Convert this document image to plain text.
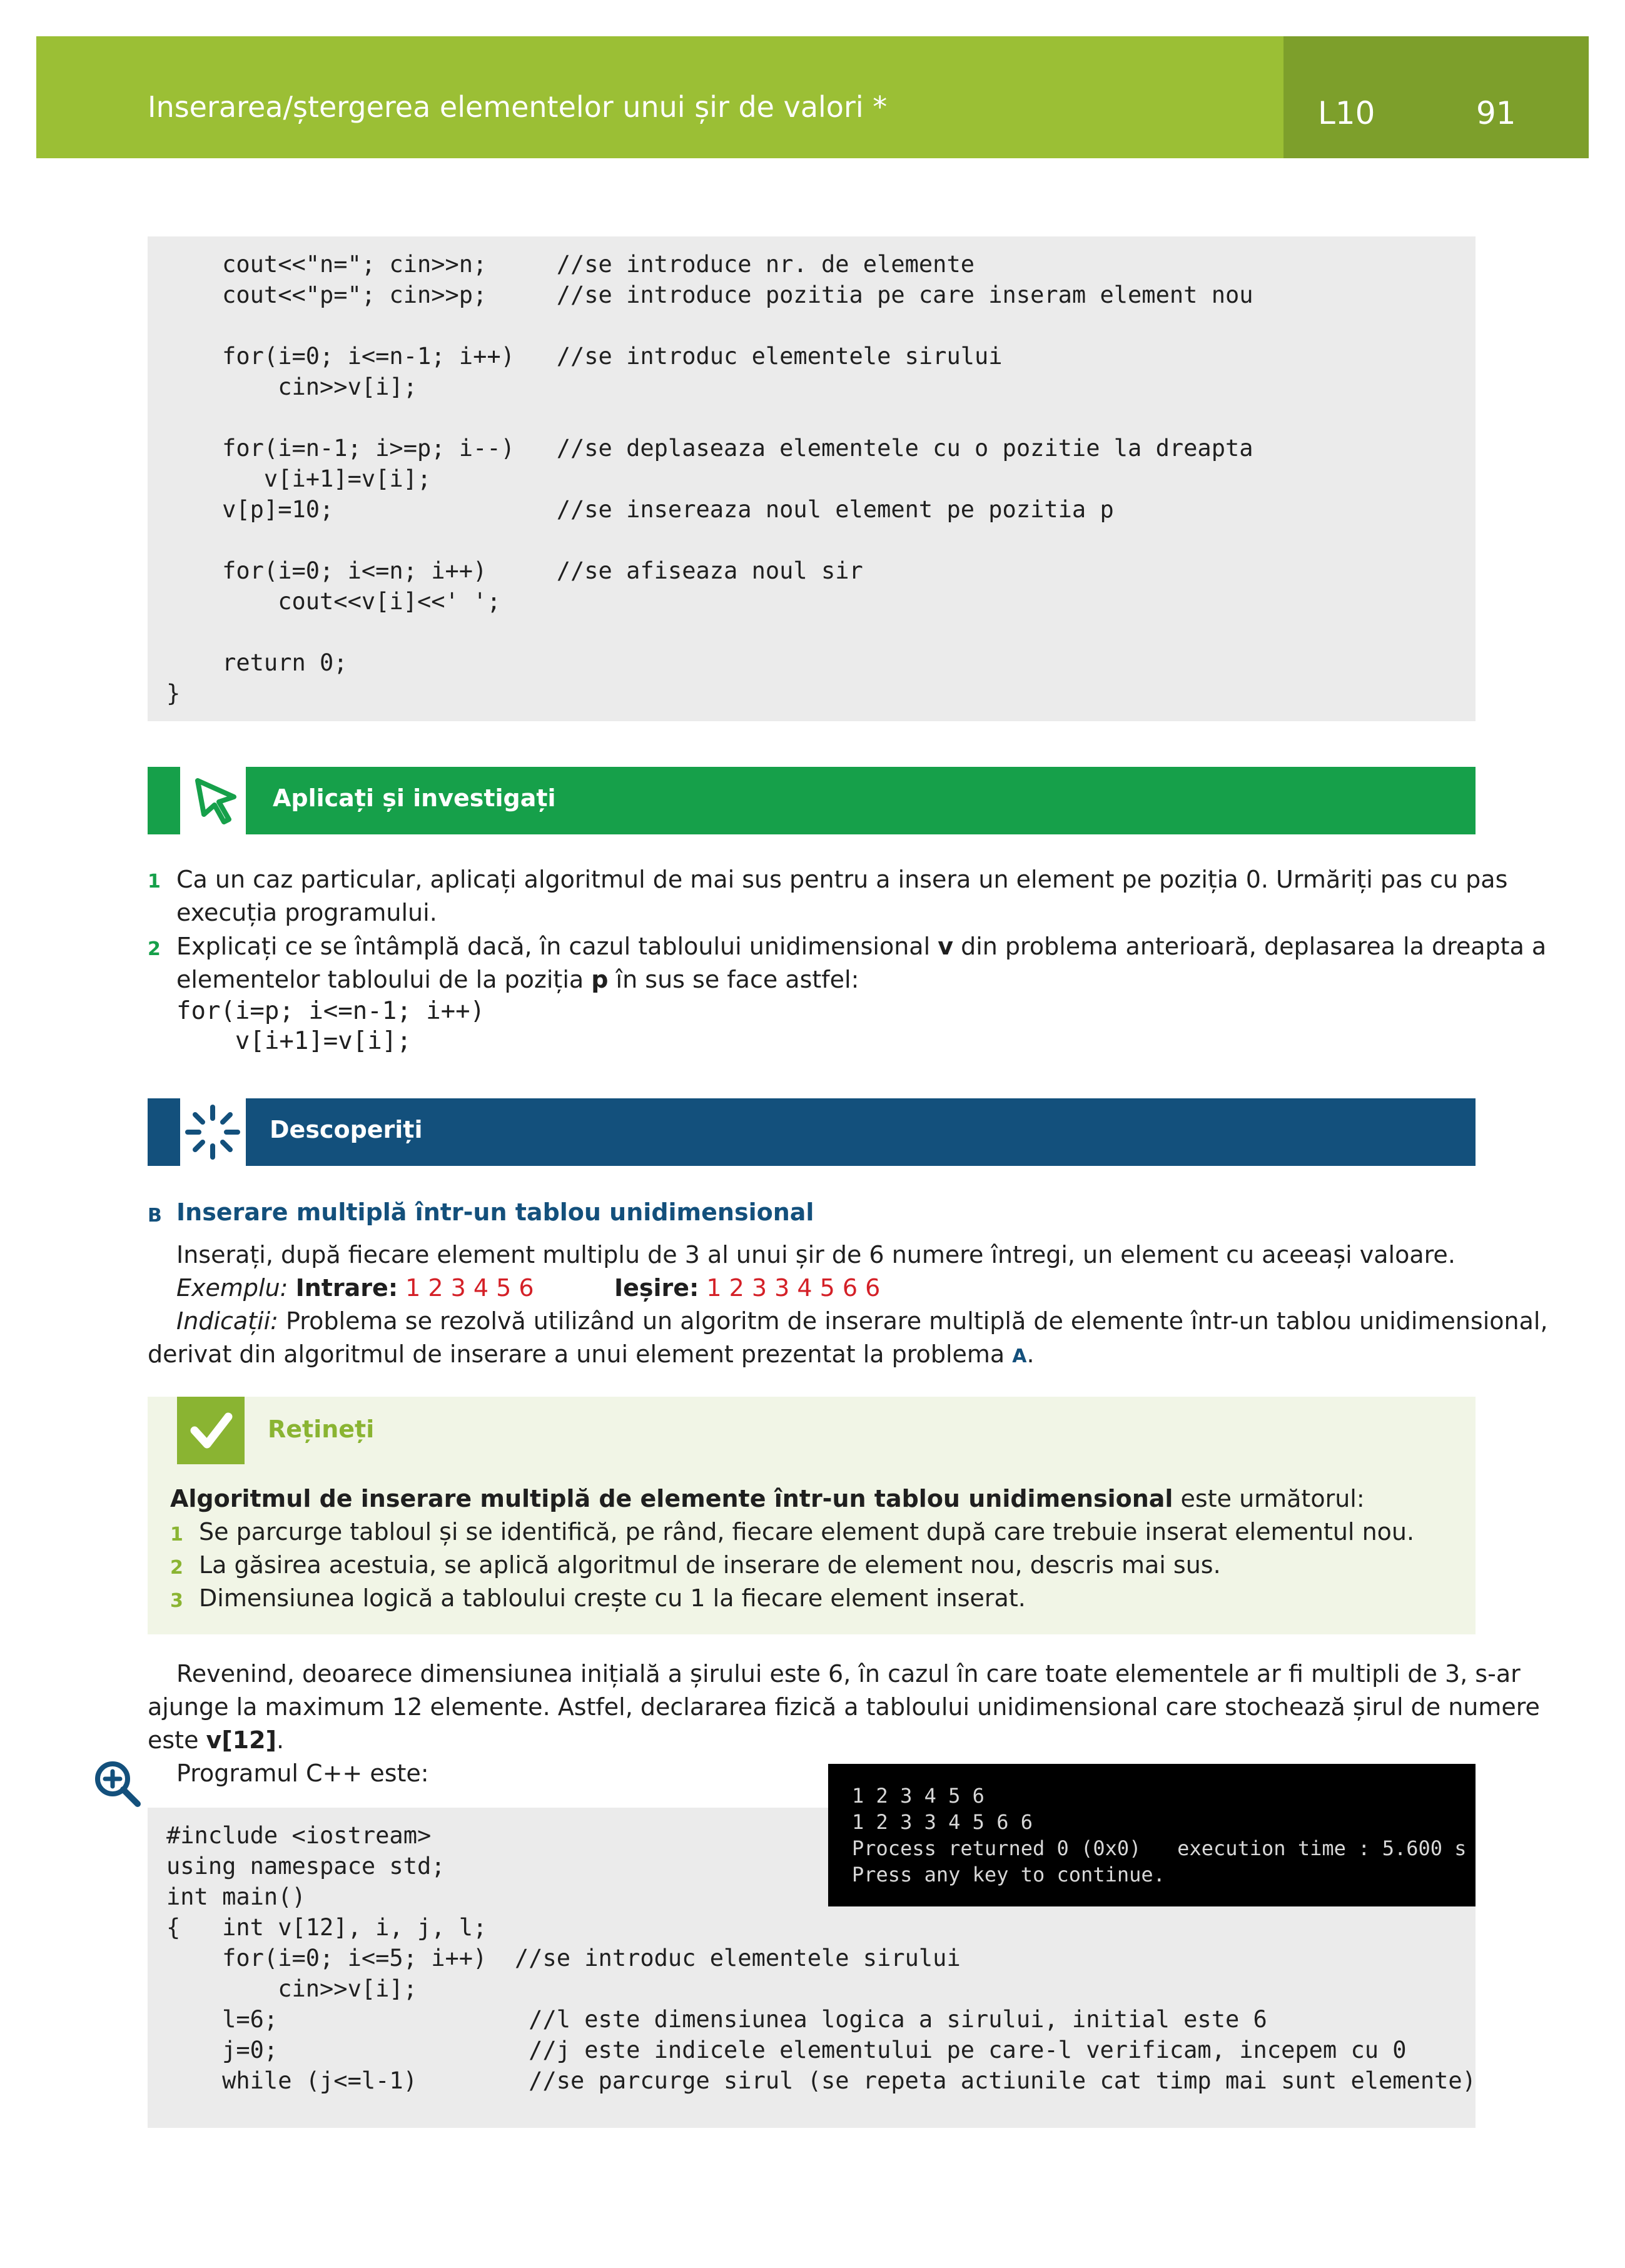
Inserarea/ștergerea elementelor unui șir de valori *	L10	91
cout<<"n="; cin>>n;     //se introduce nr. de elemente
cout<<"p="; cin>>p;     //se introduce pozitia pe care inseram element nou
for(i=0; i<=n-1; i++)   //se introduc elementele sirului
cin>>v[i];
for(i=n-1; i>=p; i--)   //se deplaseaza elementele cu o pozitie la dreapta
v[i+1]=v[i];
v[p]=10;                //se insereaza noul element pe pozitia p
for(i=0; i<=n; i++)     //se afiseaza noul sir
cout<<v[i]<<' ';
return 0;
}
Aplicați și investigați
1 Ca un caz particular, aplicați algoritmul de mai sus pentru a insera un element pe poziția 0. Urmăriți pas cu pas
execuția programului.
2 Explicați ce se întâmplă dacă, în cazul tabloului unidimensional v din problema anterioară, deplasarea la dreapta a
elementelor tabloului de la poziția p în sus se face astfel:
for(i=p; i<=n-1; i++)
v[i+1]=v[i];
Descoperiți
B Inserare multiplă într-un tablou unidimensional
Inserați, după fiecare element multiplu de 3 al unui șir de 6 numere întregi, un element cu aceeași valoare.
Exemplu: Intrare: 1 2 3 4 5 6	Ieșire: 1 2 3 3 4 5 6 6
Indicații: Problema se rezolvă utilizând un algoritm de inserare multiplă de elemente într-un tablou unidimensional,
derivat din algoritmul de inserare a unui element prezentat la problema A.
Rețineți
Algoritmul de inserare multiplă de elemente într-un tablou unidimensional este următorul:
1 Se parcurge tabloul și se identifică, pe rând, fiecare element după care trebuie inserat elementul nou.
2 La găsirea acestuia, se aplică algoritmul de inserare de element nou, descris mai sus.
3 Dimensiunea logică a tabloului crește cu 1 la fiecare element inserat.
Revenind, deoarece dimensiunea inițială a șirului este 6, în cazul în care toate elementele ar fi multipli de 3, s-ar
ajunge la maximum 12 elemente. Astfel, declararea fizică a tabloului unidimensional care stochează șirul de numere
este v[12].
Programul C++ este:
#include <iostream>
using namespace std;
int main()
{   int v[12], i, j, l;
for(i=0; i<=5; i++)  //se introduc elementele sirului
cin>>v[i];
l=6;                  //l este dimensiunea logica a sirului, initial este 6
j=0;                  //j este indicele elementului pe care-l verificam, incepem cu 0
while (j<=l-1)        //se parcurge sirul (se repeta actiunile cat timp mai sunt elemente)
1 2 3 4 5 6
1 2 3 3 4 5 6 6
Process returned 0 (0x0)   execution time : 5.600 s
Press any key to continue.
